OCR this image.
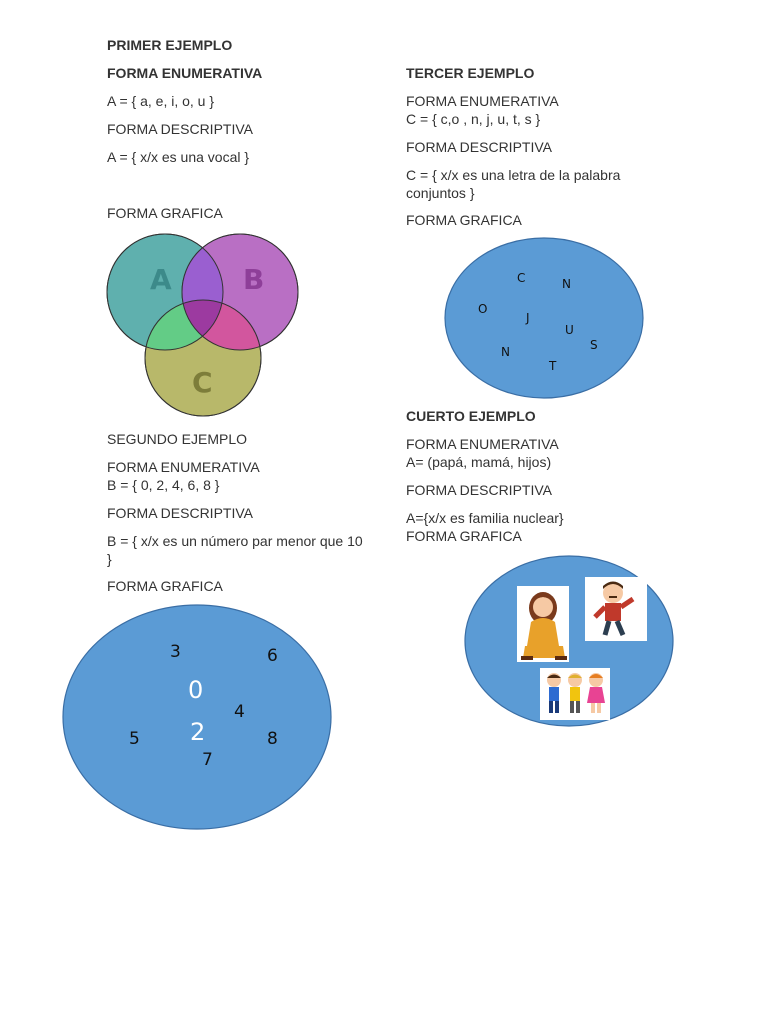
PRIMER EJEMPLO
FORMA ENUMERATIVA
A = { a, e, i, o, u }
FORMA DESCRIPTIVA
A = { x/x es una vocal }
FORMA GRAFICA
A	B
C
SEGUNDO EJEMPLO
FORMA ENUMERATIVA
B = { 0, 2, 4, 6, 8 }
FORMA DESCRIPTIVA
B = { x/x es un número par menor que 10 }
FORMA GRAFICA
3	6
0
4
5 2	8
7
TERCER EJEMPLO
FORMA ENUMERATIVA
C = { c,o , n, j, u, t, s }
FORMA DESCRIPTIVA
C = { x/x es una letra de la palabra conjuntos }
FORMA GRAFICA
C	N
O
J
U
S
N
T
CUERTO EJEMPLO
FORMA ENUMERATIVA
A= (papá, mamá, hijos)
FORMA DESCRIPTIVA
A={x/x es familia nuclear}
FORMA GRAFICA
